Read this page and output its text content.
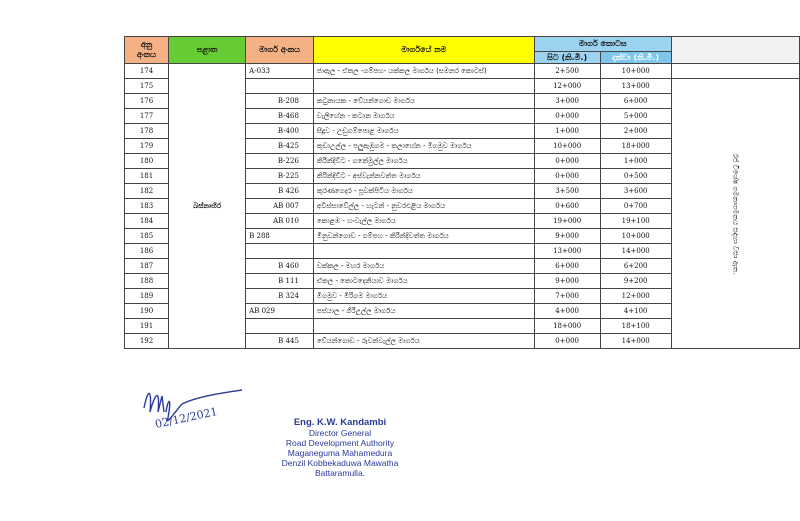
අනු
අංකය	පළාත	මාර්ග අංකය	මාර්ගයේ නම	මාර්ග කොටස		
				සිට (කි.මී.)	දක්වා (කි.මී.)	
174	බස්නාහිර	A-033	ජාඇල - ඒකල -ගම්පහ- යක්කල මාර්ගය (සමනර කොටස්)	2+500	10+000	
175				12+000	13+000	රජ විශේෂ ගමනාගමනය සඳහා වසා ඇත.
176		B-208	කටුනායක - වේයන්ගොඩ මාර්ගය	3+000	6+000	
177		B-468	වැලිහේන - කටාන මාර්ගය	0+000	5+000	
178		B-400	සීදූව - උඩුගම්පොළ මාර්ගය	1+000	2+000	
179		B-425	කුඩාඋල්ල - පලුඇඹුගම - තලාහේන - මීගමුව මාර්ගය	10+000	18+000	
180		B-226	කිරින්දිවිට - ගනේමුල්ල මාර්ගය	0+000	1+000	
181		B-225	කිරින්දිවිට - අස්වැන්නවත්ත මාර්ගය	0+000	0+500	
182		B 426	කුරණගෙදර - පූවක්පිටිය මාර්ගය	3+500	3+600	
183		AB 007	අවිස්සාවේල්ල - හැටන් - නුවරඑළිය මාර්ගය	0+600	0+700	
184		AB 010	කොළඹ - හංවැල්ල මාර්ගය	19+000	19+100	
185		B 288	මිනුවන්ගොඩ - ගම්පහ - කිරින්දිවත්ත මාර්ගය	9+000	10+000	
186				13+000	14+000	
187		B 460	වක්කල - මහර මාර්ගය	6+000	6+200	
188		B 111	ඒකල - කොටදෙනියාව මාර්ගය	9+000	9+200	
189		B 324	මීගමුව - මීරිගම මාර්ගය	7+000	12+000	
190		AB 029	පස්යාල - ගිරිඋල්ල මාර්ගය	4+000	4+100	
191				18+000	18+100	
192		B 445	වේයන්ගොඩ - රුවන්වැල්ල මාර්ගය	0+000	14+000	
02/12/2021	Eng. K.W. Kandambi
Director General
Road Development Authority
Maganeguma Mahamedura
Denzil Kobbekaduwa Mawatha
Battaramulla.
